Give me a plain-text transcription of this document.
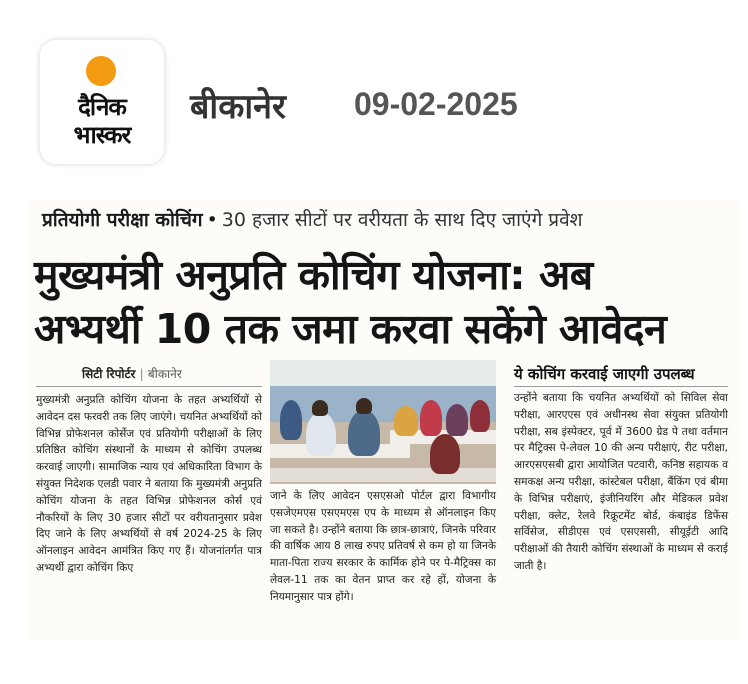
दैनिक
भास्कर
बीकानेर 09-02-2025
प्रतियोगी परीक्षा कोचिंग • 30 हजार सीटों पर वरीयता के साथ दिए जाएंगे प्रवेश
मुख्यमंत्री अनुप्रति कोचिंग योजना: अब
अभ्यर्थी 10 तक जमा करवा सकेंगे आवेदन
सिटी रिपोर्टर | बीकानेर	ये कोचिंग करवाई जाएगी उपलब्ध
मुख्यमंत्री अनुप्रति कोचिंग योजना के तहत अभ्यर्थियों से आवेदन दस फरवरी तक लिए जाएंगे। चयनित अभ्यर्थियों को विभिन्न प्रोफेशनल कोर्सेज एवं प्रतियोगी परीक्षाओं के लिए प्रतिष्ठित कोचिंग संस्थानों के माध्यम से कोचिंग उपलब्ध करवाई जाएगी। सामाजिक न्याय एवं अधिकारिता विभाग के संयुक्त निदेशक एलडी पवार ने बताया कि मुख्यमंत्री अनुप्रति कोचिंग योजना के तहत विभिन्न प्रोफेशनल कोर्स एवं नौकरियों के लिए 30 हजार सीटों पर वरीयतानुसार प्रवेश दिए जाने के लिए अभ्यर्थियों से वर्ष 2024-25 के लिए ऑनलाइन आवेदन आमंत्रित किए गए हैं। योजनांतर्गत पात्र अभ्यर्थी द्वारा कोचिंग किए
जाने के लिए आवेदन एसएसओ पोर्टल द्वारा विभागीय एसजेएमएस एसएमएस एप के माध्यम से ऑनलाइन किए जा सकते है। उन्होंने बताया कि छात्र-छात्राएं, जिनके परिवार की वार्षिक आय 8 लाख रुपए प्रतिवर्ष से कम हो या जिनके माता-पिता राज्य सरकार के कार्मिक होने पर पे-मैट्रिक्स का लेवल-11 तक का वेतन प्राप्त कर रहे हों, योजना के नियमानुसार पात्र होंगे।
उन्होंने बताया कि चयनित अभ्यर्थियों को सिविल सेवा परीक्षा, आरएएस एवं अधीनस्थ सेवा संयुक्त प्रतियोगी परीक्षा, सब इंस्पेक्टर, पूर्व में 3600 ग्रेड पे तथा वर्तमान पर मैट्रिक्स पे-लेवल 10 की अन्य परीक्षाएं, रीट परीक्षा, आरएसएसबी द्वारा आयोजित पटवारी, कनिष्ठ सहायक व समकक्ष अन्य परीक्षा, कांस्टेबल परीक्षा, बैंकिंग एवं बीमा के विभिन्न परीक्षाएं, इंजीनियरिंग और मेडिकल प्रवेश परीक्षा, क्लेट, रेलवे रिक्रूटमेंट बोर्ड, कंबाइंड डिफेंस सर्विसेज, सीडीएस एवं एसएससी, सीयूईटी आदि परीक्षाओं की तैयारी कोचिंग संस्थाओं के माध्यम से कराई जाती है।
